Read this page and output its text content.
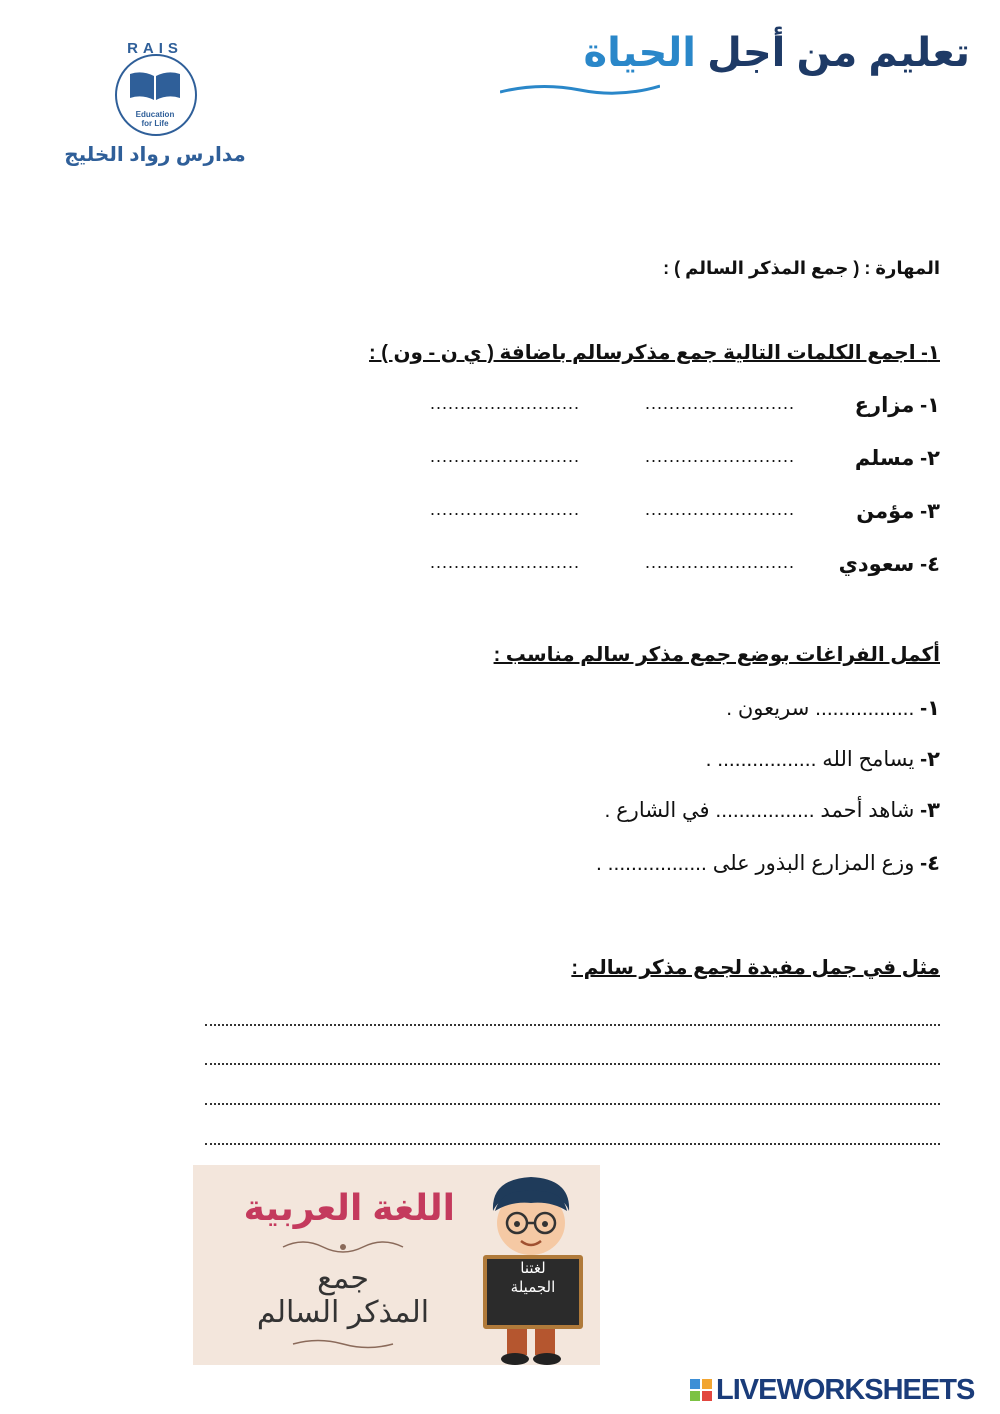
RAIS
Education
for Life
مدارس رواد الخليج
تعليم من أجل الحياة
المهارة : ( جمع المذكر السالم ) :
١- اجمع الكلمات التالية جمع مذكرسالم باضافة ( ي ن - ون ) :
١- مزارع
.........................
.........................
٢- مسلم
.........................
.........................
٣- مؤمن
.........................
.........................
٤- سعودي
.........................
.........................
أكمل الفراغات بوضع جمع مذكر سالم مناسب :
١- ................. سريعون .
٢- يسامح الله ................. .
٣- شاهد أحمد ................. في الشارع .
٤- وزع المزارع البذور على ................. .
مثل في جمل مفيدة لجمع مذكر سالم :
اللغة العربية
جمع
المذكر السالم
لغتنا
الجميلة
LIVEWORKSHEETS
